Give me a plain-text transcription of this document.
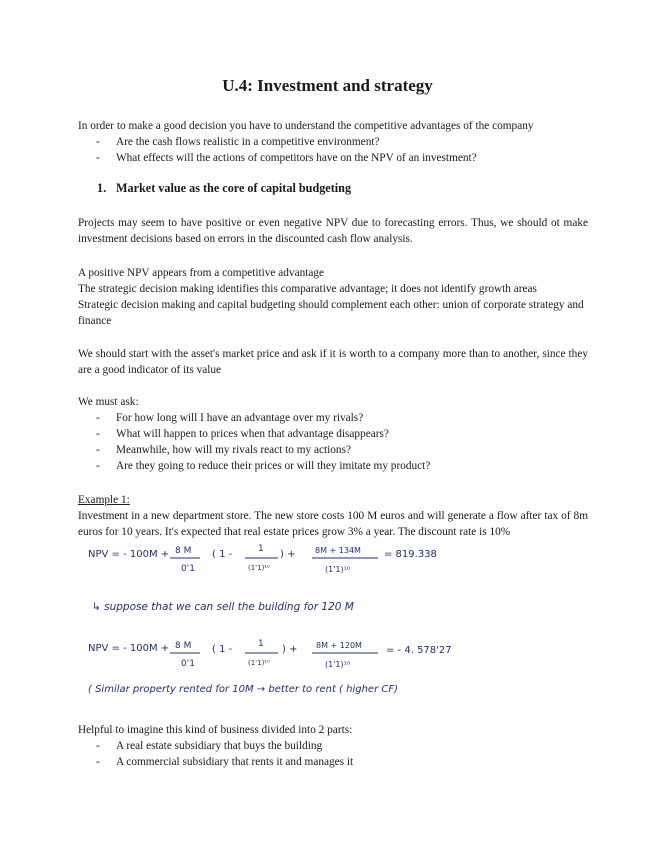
U.4: Investment and strategy
In order to make a good decision you have to understand the competitive advantages of the company
- Are the cash flows realistic in a competitive environment?
- What effects will the actions of competitors have on the NPV of an investment?
1. Market value as the core of capital budgeting
Projects may seem to have positive or even negative NPV due to forecasting errors. Thus, we should ot make investment decisions based on errors in the discounted cash flow analysis.
A positive NPV appears from a competitive advantage
The strategic decision making identifies this comparative advantage; it does not identify growth areas
Strategic decision making and capital budgeting should complement each other: union of corporate strategy and finance
We should start with the asset's market price and ask if it is worth to a company more than to another, since they are a good indicator of its value
We must ask:
- For how long will I have an advantage over my rivals?
- What will happen to prices when that advantage disappears?
- Meanwhile, how will my rivals react to my actions?
- Are they going to reduce their prices or will they imitate my product?
Example 1:
Investment in a new department store. The new store costs 100 M euros and will generate a flow after tax of 8m euros for 10 years. It's expected that real estate prices grow 3% a year. The discount rate is 10%
NPV = - 100M + 8 M
0'1
( 1 -	1
(1'1)¹⁰
) + 8M + 134M
(1'1)¹⁰
= 819.338
↳ suppose that we can sell the building for 120 M
NPV = - 100M + 8 M
0'1
( 1 -	1
(1'1)¹⁰
) + 8M + 120M
(1'1)¹⁰
= - 4. 578'27
( Similar property rented for 10M → better to rent ( higher CF)
Helpful to imagine this kind of business divided into 2 parts:
- A real estate subsidiary that buys the building
- A commercial subsidiary that rents it and manages it
